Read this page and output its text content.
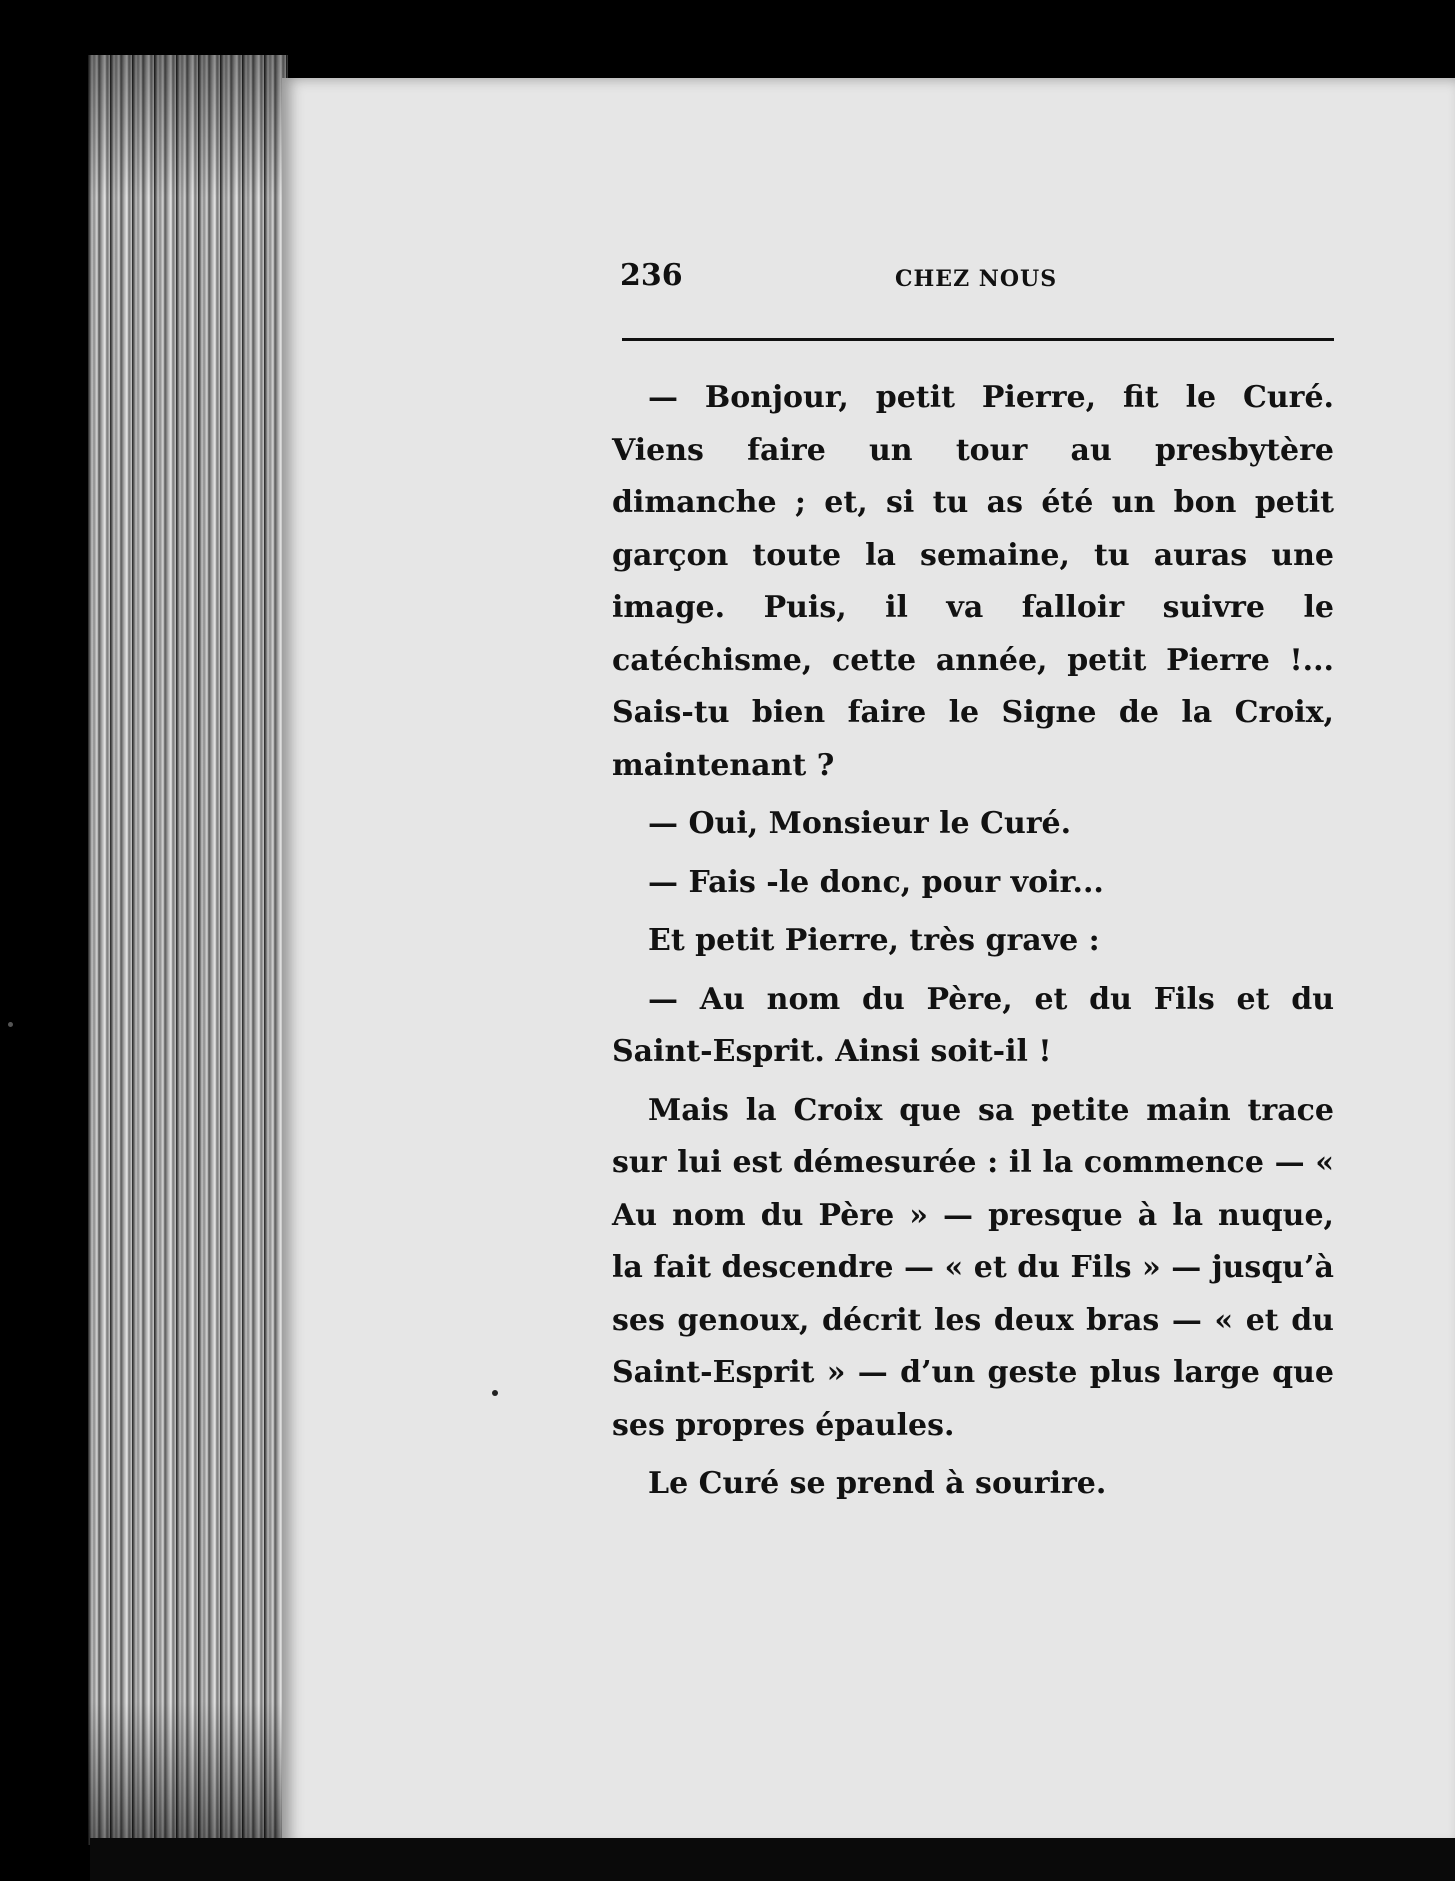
236	CHEZ NOUS

— Bonjour, petit Pierre, fit le Curé. Viens faire un tour au presbytère dimanche ; et, si tu as été un bon petit garçon toute la semaine, tu auras une image. Puis, il va falloir suivre le catéchisme, cette année, petit Pierre !... Sais-tu bien faire le Signe de la Croix, maintenant ?

— Oui, Monsieur le Curé.

— Fais -le donc, pour voir...

Et petit Pierre, très grave :

— Au nom du Père, et du Fils et du Saint-Esprit. Ainsi soit-il !

Mais la Croix que sa petite main trace sur lui est démesurée : il la commence — « Au nom du Père » — presque à la nuque, la fait descendre — « et du Fils » — jusqu’à ses genoux, décrit les deux bras — « et du Saint-Esprit » — d’un geste plus large que ses propres épaules.

Le Curé se prend à sourire.
